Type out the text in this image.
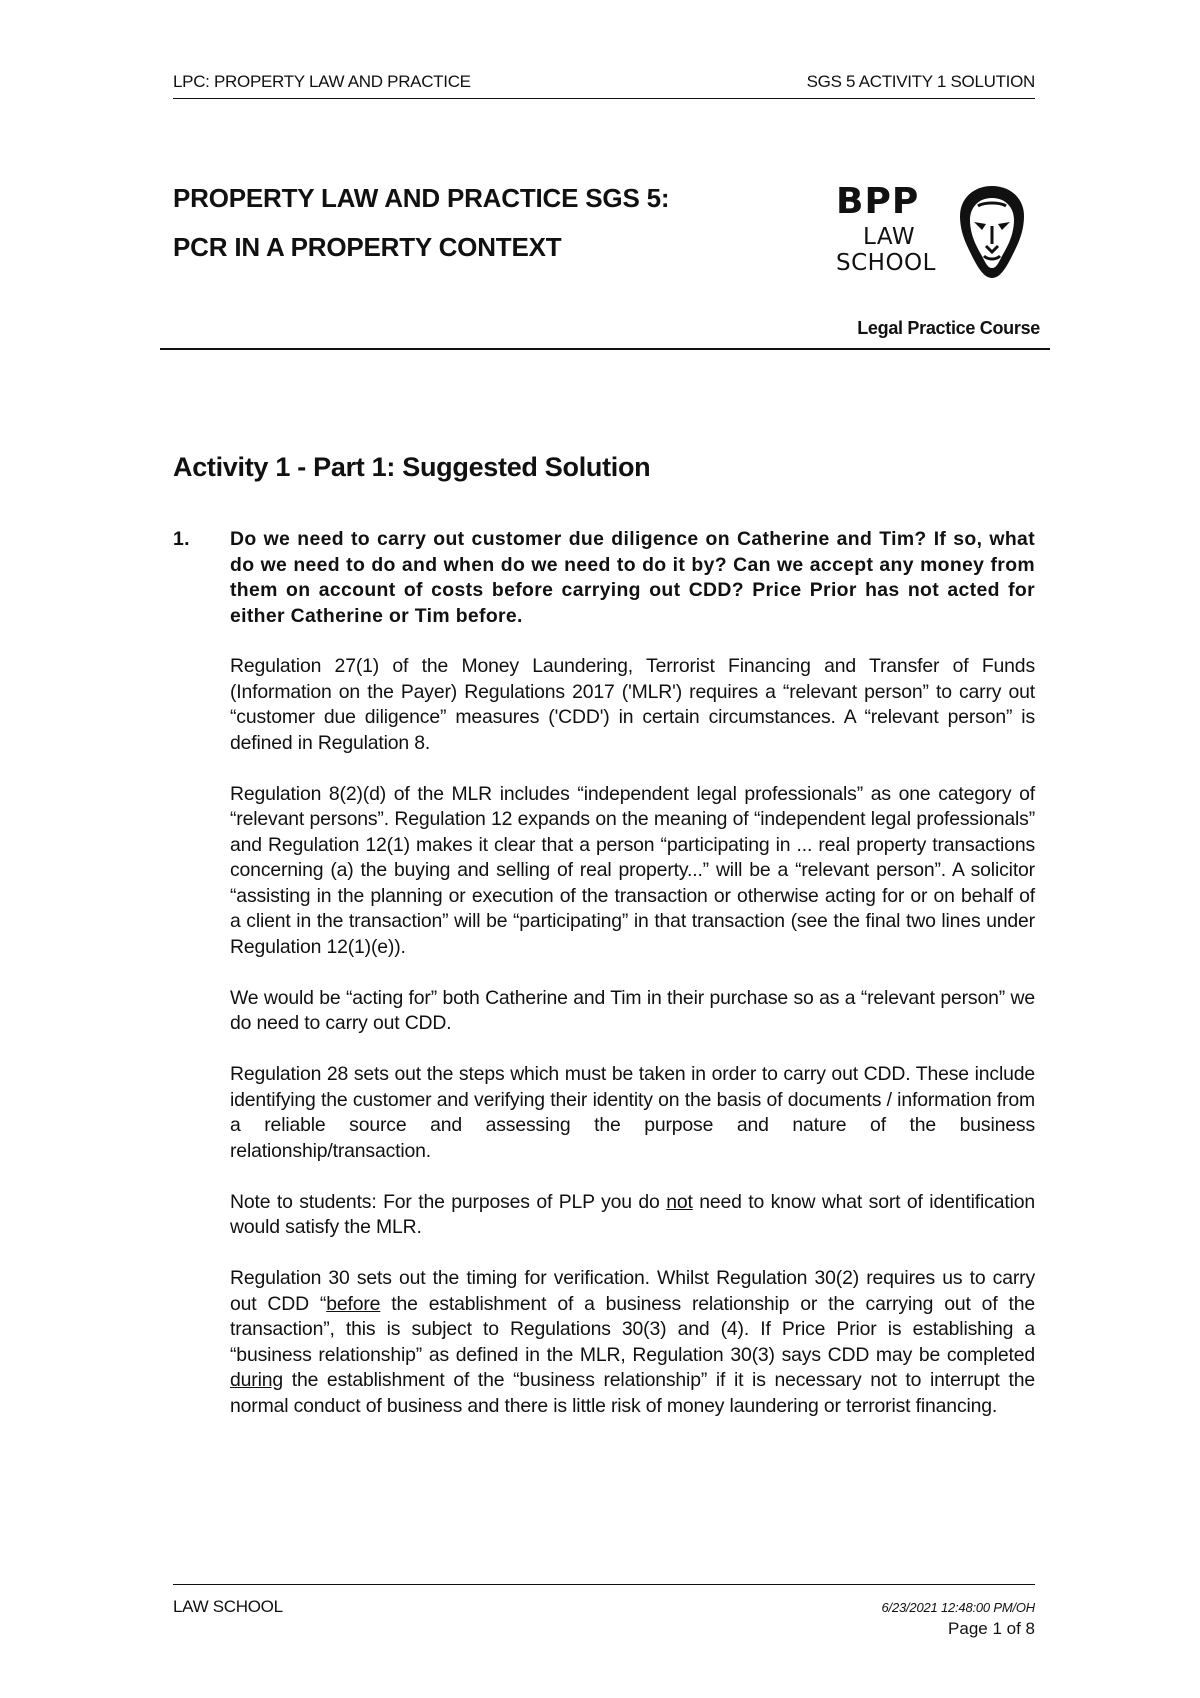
LPC: PROPERTY LAW AND PRACTICE	SGS 5 ACTIVITY 1 SOLUTION
PROPERTY LAW AND PRACTICE SGS 5:
PCR IN A PROPERTY CONTEXT
BPP
LAW
SCHOOL
Legal Practice Course
Activity 1 - Part 1: Suggested Solution
1.	Do we need to carry out customer due diligence on Catherine and Tim? If so, what do we need to do and when do we need to do it by? Can we accept any money from them on account of costs before carrying out CDD? Price Prior has not acted for either Catherine or Tim before.

Regulation 27(1) of the Money Laundering, Terrorist Financing and Transfer of Funds (Information on the Payer) Regulations 2017 ('MLR') requires a “relevant person” to carry out “customer due diligence” measures ('CDD') in certain circumstances. A “relevant person” is defined in Regulation 8.

Regulation 8(2)(d) of the MLR includes “independent legal professionals” as one category of “relevant persons”. Regulation 12 expands on the meaning of “independent legal professionals” and Regulation 12(1) makes it clear that a person “participating in ... real property transactions concerning (a) the buying and selling of real property...” will be a “relevant person”. A solicitor “assisting in the planning or execution of the transaction or otherwise acting for or on behalf of a client in the transaction” will be “participating” in that transaction (see the final two lines under Regulation 12(1)(e)).

We would be “acting for” both Catherine and Tim in their purchase so as a “relevant person” we do need to carry out CDD.

Regulation 28 sets out the steps which must be taken in order to carry out CDD. These include identifying the customer and verifying their identity on the basis of documents / information from a reliable source and assessing the purpose and nature of the business relationship/transaction.

Note to students: For the purposes of PLP you do not need to know what sort of identification would satisfy the MLR.

Regulation 30 sets out the timing for verification. Whilst Regulation 30(2) requires us to carry out CDD “before the establishment of a business relationship or the carrying out of the transaction”, this is subject to Regulations 30(3) and (4). If Price Prior is establishing a “business relationship” as defined in the MLR, Regulation 30(3) says CDD may be completed during the establishment of the “business relationship” if it is necessary not to interrupt the normal conduct of business and there is little risk of money laundering or terrorist financing.

LAW SCHOOL	6/23/2021 12:48:00 PM/OH
Page 1 of 8
